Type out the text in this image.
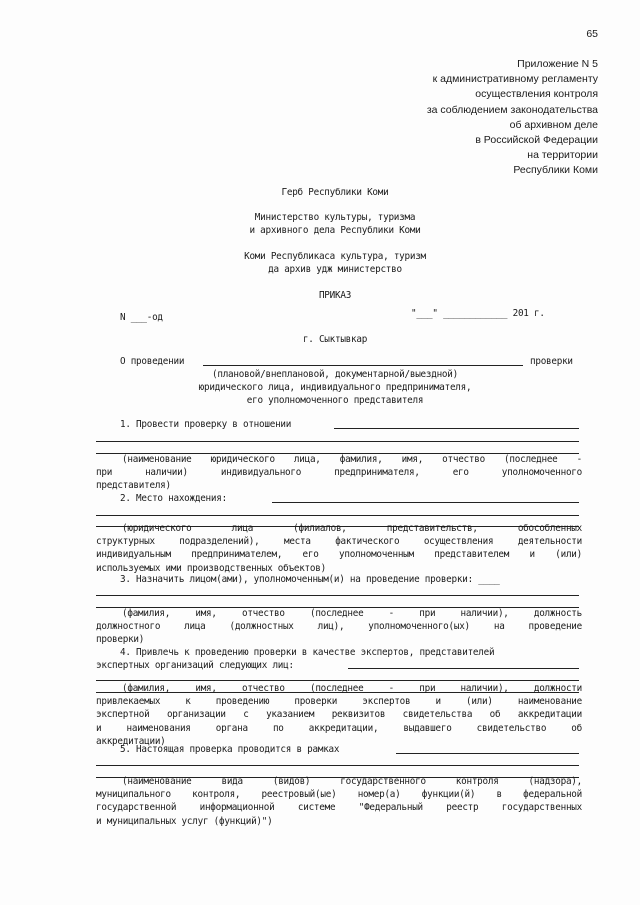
65
Приложение N 5
к административному регламенту
осуществления контроля
за соблюдением законодательства
об архивном деле
в Российской Федерации
на территории
Республики Коми
Герб Республики Коми
Министерство культуры, туризма
и архивного дела Республики Коми
Коми Республикаса культура, туризм
да архив удж министерство
ПРИКАЗ
N ___-од	"___" ____________ 201 г.
г. Сыктывкар
О проведении	проверки
(плановой/внеплановой, документарной/выездной)
юридического лица, индивидуального предпринимателя,
его уполномоченного представителя
1. Провести проверку в отношении
(наименование юридического лица, фамилия, имя, отчество (последнее -
при наличии) индивидуального предпринимателя, его уполномоченного
представителя)
2. Место нахождения:
(юридического лица (филиалов, представительств, обособленных
структурных подразделений), места фактического осуществления деятельности
индивидуальным предпринимателем, его уполномоченным представителем и (или)
используемых ими производственных объектов)
3. Назначить лицом(ами), уполномоченным(и) на проведение проверки: ____
(фамилия, имя, отчество (последнее - при наличии), должность
должностного лица (должностных лиц), уполномоченного(ых) на проведение
проверки)
4. Привлечь к проведению проверки в качестве экспертов, представителей
экспертных организаций следующих лиц:
(фамилия, имя, отчество (последнее - при наличии), должности
привлекаемых к проведению проверки экспертов и (или) наименование
экспертной организации с указанием реквизитов свидетельства об аккредитации
и наименования органа по аккредитации, выдавшего свидетельство об
аккредитации)
5. Настоящая проверка проводится в рамках
(наименование вида (видов) государственного контроля (надзора),
муниципального контроля, реестровый(ые) номер(а) функции(й) в федеральной
государственной информационной системе "Федеральный реестр государственных
и муниципальных услуг (функций)")
